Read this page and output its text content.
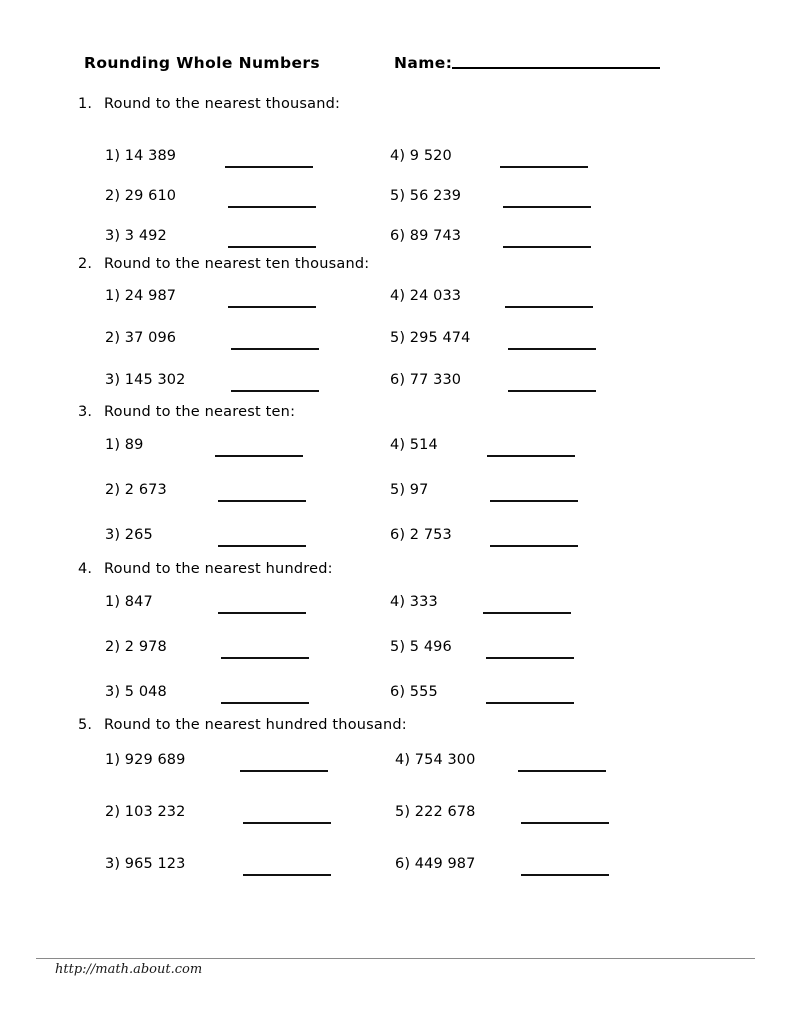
Rounding Whole Numbers	Name:
1. Round to the nearest thousand:
1) 14 389	4) 9 520
2) 29 610	5) 56 239
3) 3 492	6) 89 743
2. Round to the nearest ten thousand:
1) 24 987	4) 24 033
2) 37 096	5) 295 474
3) 145 302	6) 77 330
3. Round to the nearest ten:
1) 89	4) 514
2) 2 673	5) 97
3) 265	6) 2 753
4. Round to the nearest hundred:
1) 847	4) 333
2) 2 978	5) 5 496
3) 5 048	6) 555
5. Round to the nearest hundred thousand:
1) 929 689	4) 754 300
2) 103 232	5) 222 678
3) 965 123	6) 449 987
http://math.about.com
